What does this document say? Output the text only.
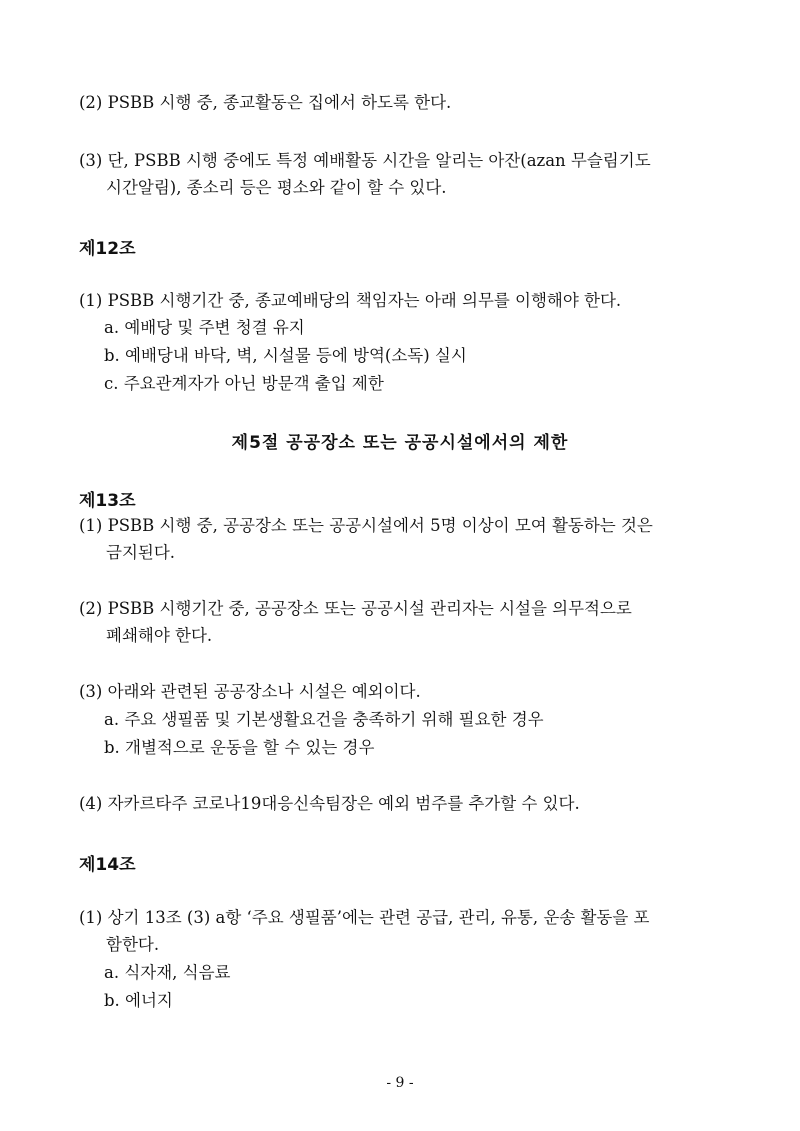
(2) PSBB 시행 중, 종교활동은 집에서 하도록 한다.
(3) 단, PSBB 시행 중에도 특정 예배활동 시간을 알리는 아잔(azan 무슬림기도
시간알림), 종소리 등은 평소와 같이 할 수 있다.
제12조
(1) PSBB 시행기간 중, 종교예배당의 책임자는 아래 의무를 이행해야 한다.
a. 예배당 및 주변 청결 유지
b. 예배당내 바닥, 벽, 시설물 등에 방역(소독) 실시
c. 주요관계자가 아닌 방문객 출입 제한
제5절 공공장소 또는 공공시설에서의 제한
제13조
(1) PSBB 시행 중, 공공장소 또는 공공시설에서 5명 이상이 모여 활동하는 것은
금지된다.
(2) PSBB 시행기간 중, 공공장소 또는 공공시설 관리자는 시설을 의무적으로
폐쇄해야 한다.
(3) 아래와 관련된 공공장소나 시설은 예외이다.
a. 주요 생필품 및 기본생활요건을 충족하기 위해 필요한 경우
b. 개별적으로 운동을 할 수 있는 경우
(4) 자카르타주 코로나19대응신속팀장은 예외 범주를 추가할 수 있다.
제14조
(1) 상기 13조 (3) a항 ‘주요 생필품’에는 관련 공급, 관리, 유통, 운송 활동을 포
함한다.
a. 식자재, 식음료
b. 에너지
- 9 -
